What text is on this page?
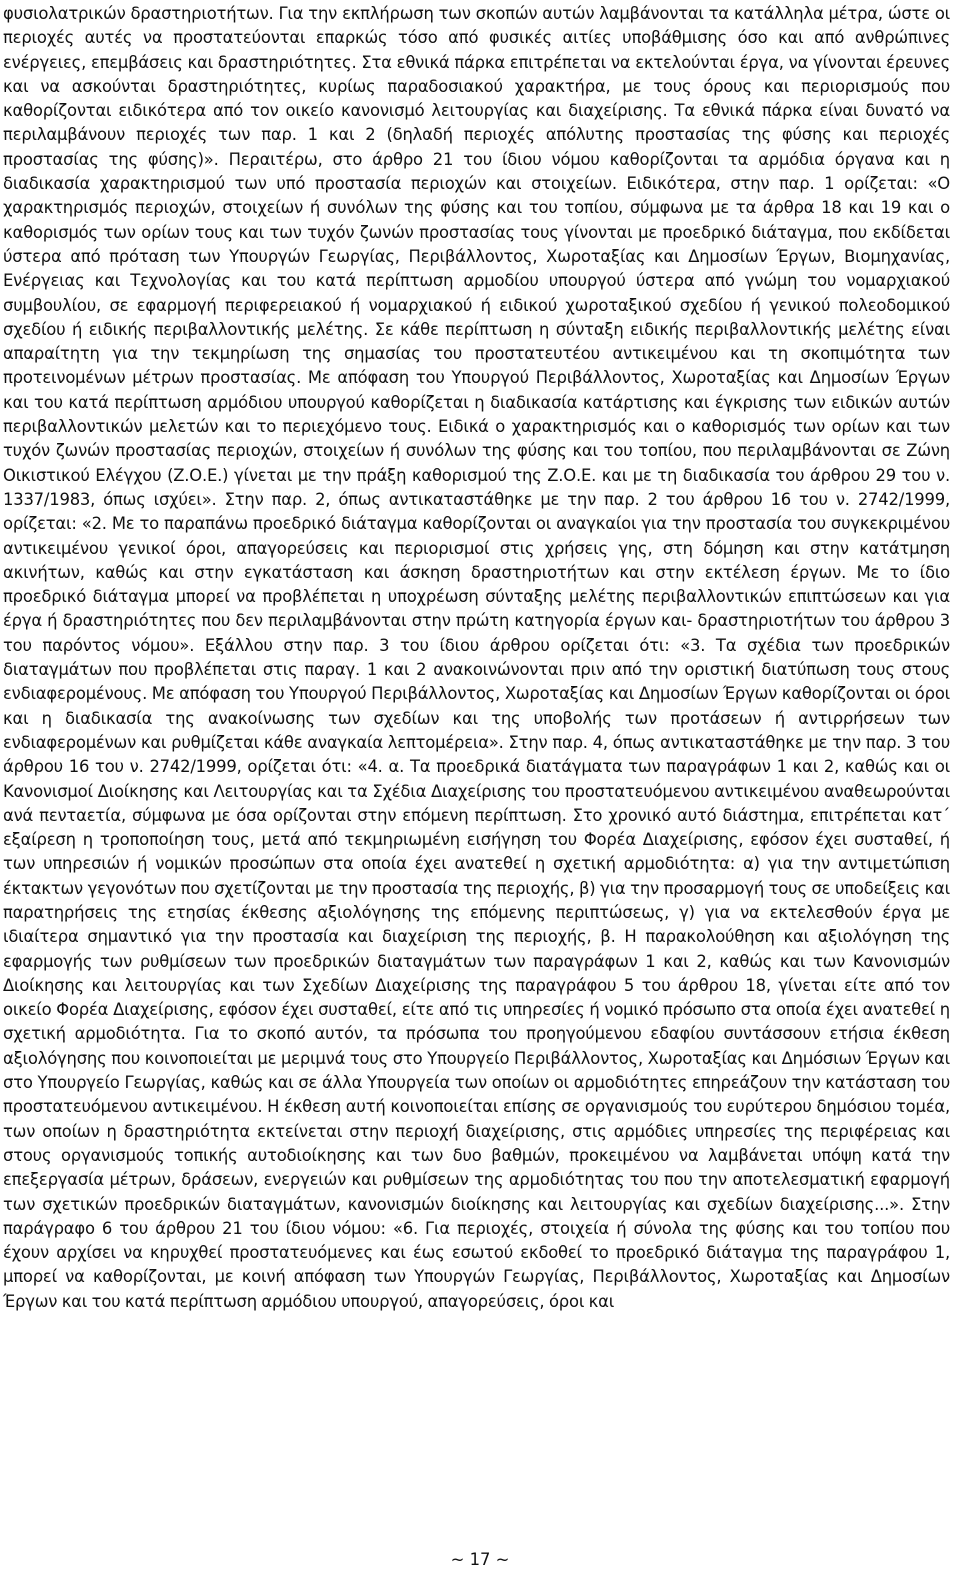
φυσιολατρικών δραστηριοτήτων. Για την εκπλήρωση των σκοπών αυτών λαμβάνονται τα κατάλληλα μέτρα, ώστε οι περιοχές αυτές να προστατεύονται επαρκώς τόσο από φυσικές αιτίες υποβάθμισης όσο και από ανθρώπινες ενέργειες, επεμβάσεις και δραστηριότητες. Στα εθνικά πάρκα επιτρέπεται να εκτελούνται έργα, να γίνονται έρευνες και να ασκούνται δραστηριότητες, κυρίως παραδοσιακού χαρακτήρα, με τους όρους και περιορισμούς που καθορίζονται ειδικότερα από τον οικείο κανονισμό λειτουργίας και διαχείρισης. Τα εθνικά πάρκα είναι δυνατό να περιλαμβάνουν περιοχές των παρ. 1 και 2 (δηλαδή περιοχές απόλυτης προστασίας της φύσης και περιοχές προστασίας της φύσης)». Περαιτέρω, στο άρθρο 21 του ίδιου νόμου καθορίζονται τα αρμόδια όργανα και η διαδικασία χαρακτηρισμού των υπό προστασία περιοχών και στοιχείων. Ειδικότερα, στην παρ. 1 ορίζεται: «Ο χαρακτηρισμός περιοχών, στοιχείων ή συνόλων της φύσης και του τοπίου, σύμφωνα με τα άρθρα 18 και 19 και ο καθορισμός των ορίων τους και των τυχόν ζωνών προστασίας τους γίνονται με προεδρικό διάταγμα, που εκδίδεται ύστερα από πρόταση των Υπουργών Γεωργίας, Περιβάλλοντος, Χωροταξίας και Δημοσίων Έργων, Βιομηχανίας, Ενέργειας και Τεχνολογίας και του κατά περίπτωση αρμοδίου υπουργού ύστερα από γνώμη του νομαρχιακού συμβουλίου, σε εφαρμογή περιφερειακού ή νομαρχιακού ή ειδικού χωροταξικού σχεδίου ή γενικού πολεοδομικού σχεδίου ή ειδικής περιβαλλοντικής μελέτης. Σε κάθε περίπτωση η σύνταξη ειδικής περιβαλλοντικής μελέτης είναι απαραίτητη για την τεκμηρίωση της σημασίας του προστατευτέου αντικειμένου και τη σκοπιμότητα των προτεινομένων μέτρων προστασίας. Με απόφαση του Υπουργού Περιβάλλοντος, Χωροταξίας και Δημοσίων Έργων και του κατά περίπτωση αρμόδιου υπουργού καθορίζεται η διαδικασία κατάρτισης και έγκρισης των ειδικών αυτών περιβαλλοντικών μελετών και το περιεχόμενο τους. Ειδικά ο χαρακτηρισμός και ο καθορισμός των ορίων και των τυχόν ζωνών προστασίας περιοχών, στοιχείων ή συνόλων της φύσης και του τοπίου, που περιλαμβάνονται σε Ζώνη Οικιστικού Ελέγχου (Ζ.Ο.Ε.) γίνεται με την πράξη καθορισμού της Ζ.Ο.Ε. και με τη διαδικασία του άρθρου 29 του ν. 1337/1983, όπως ισχύει». Στην παρ. 2, όπως αντικαταστάθηκε με την παρ. 2 του άρθρου 16 του ν. 2742/1999, ορίζεται: «2. Με το παραπάνω προεδρικό διάταγμα καθορίζονται οι αναγκαίοι για την προστασία του συγκεκριμένου αντικειμένου γενικοί όροι, απαγορεύσεις και περιορισμοί στις χρήσεις γης, στη δόμηση και στην κατάτμηση ακινήτων, καθώς και στην εγκατάσταση και άσκηση δραστηριοτήτων και στην εκτέλεση έργων. Με το ίδιο προεδρικό διάταγμα μπορεί να προβλέπεται η υποχρέωση σύνταξης μελέτης περιβαλλοντικών επιπτώσεων και για έργα ή δραστηριότητες που δεν περιλαμβάνονται στην πρώτη κατηγορία έργων και- δραστηριοτήτων του άρθρου 3 του παρόντος νόμου». Εξάλλου στην παρ. 3 του ίδιου άρθρου ορίζεται ότι: «3. Τα σχέδια των προεδρικών διαταγμάτων που προβλέπεται στις παραγ. 1 και 2 ανακοινώνονται πριν από την οριστική διατύπωση τους στους ενδιαφερομένους. Με απόφαση του Υπουργού Περιβάλλοντος, Χωροταξίας και Δημοσίων Έργων καθορίζονται οι όροι και η διαδικασία της ανακοίνωσης των σχεδίων και της υποβολής των προτάσεων ή αντιρρήσεων των ενδιαφερομένων και ρυθμίζεται κάθε αναγκαία λεπτομέρεια». Στην παρ. 4, όπως αντικαταστάθηκε με την παρ. 3 του άρθρου 16 του ν. 2742/1999, ορίζεται ότι: «4. α. Τα προεδρικά διατάγματα των παραγράφων 1 και 2, καθώς και οι Κανονισμοί Διοίκησης και Λειτουργίας και τα Σχέδια Διαχείρισης του προστατευόμενου αντικειμένου αναθεωρούνται ανά πενταετία, σύμφωνα με όσα ορίζονται στην επόμενη περίπτωση. Στο χρονικό αυτό διάστημα, επιτρέπεται κατ΄ εξαίρεση η τροποποίηση τους, μετά από τεκμηριωμένη εισήγηση του Φορέα Διαχείρισης, εφόσον έχει συσταθεί, ή των υπηρεσιών ή νομικών προσώπων στα οποία έχει ανατεθεί η σχετική αρμοδιότητα: α) για την αντιμετώπιση έκτακτων γεγονότων που σχετίζονται με την προστασία της περιοχής, β) για την προσαρμογή τους σε υποδείξεις και παρατηρήσεις της ετησίας έκθεσης αξιολόγησης της επόμενης περιπτώσεως, γ) για να εκτελεσθούν έργα με ιδιαίτερα σημαντικό για την προστασία και διαχείριση της περιοχής, β. Η παρακολούθηση και αξιολόγηση της εφαρμογής των ρυθμίσεων των προεδρικών διαταγμάτων των παραγράφων 1 και 2, καθώς και των Κανονισμών Διοίκησης και λειτουργίας και των Σχεδίων Διαχείρισης της παραγράφου 5 του άρθρου 18, γίνεται είτε από τον οικείο Φορέα Διαχείρισης, εφόσον έχει συσταθεί, είτε από τις υπηρεσίες ή νομικό πρόσωπο στα οποία έχει ανατεθεί η σχετική αρμοδιότητα. Για το σκοπό αυτόν, τα πρόσωπα του προηγούμενου εδαφίου συντάσσουν ετήσια έκθεση αξιολόγησης που κοινοποιείται με μεριμνά τους στο Υπουργείο Περιβάλλοντος, Χωροταξίας και Δημόσιων Έργων και στο Υπουργείο Γεωργίας, καθώς και σε άλλα Υπουργεία των οποίων οι αρμοδιότητες επηρεάζουν την κατάσταση του προστατευόμενου αντικειμένου. Η έκθεση αυτή κοινοποιείται επίσης σε οργανισμούς του ευρύτερου δημόσιου τομέα, των οποίων η δραστηριότητα εκτείνεται στην περιοχή διαχείρισης, στις αρμόδιες υπηρεσίες της περιφέρειας και στους οργανισμούς τοπικής αυτοδιοίκησης και των δυο βαθμών, προκειμένου να λαμβάνεται υπόψη κατά την επεξεργασία μέτρων, δράσεων, ενεργειών και ρυθμίσεων της αρμοδιότητας του που την αποτελεσματική εφαρμογή των σχετικών προεδρικών διαταγμάτων, κανονισμών διοίκησης και λειτουργίας και σχεδίων διαχείρισης...». Στην παράγραφο 6 του άρθρου 21 του ίδιου νόμου: «6. Για περιοχές, στοιχεία ή σύνολα της φύσης και του τοπίου που έχουν αρχίσει να κηρυχθεί προστατευόμενες και έως εσωτού εκδοθεί το προεδρικό διάταγμα της παραγράφου 1, μπορεί να καθορίζονται, με κοινή απόφαση των Υπουργών Γεωργίας, Περιβάλλοντος, Χωροταξίας και Δημοσίων Έργων και του κατά περίπτωση αρμόδιου υπουργού, απαγορεύσεις, όροι και

~ 17 ~
